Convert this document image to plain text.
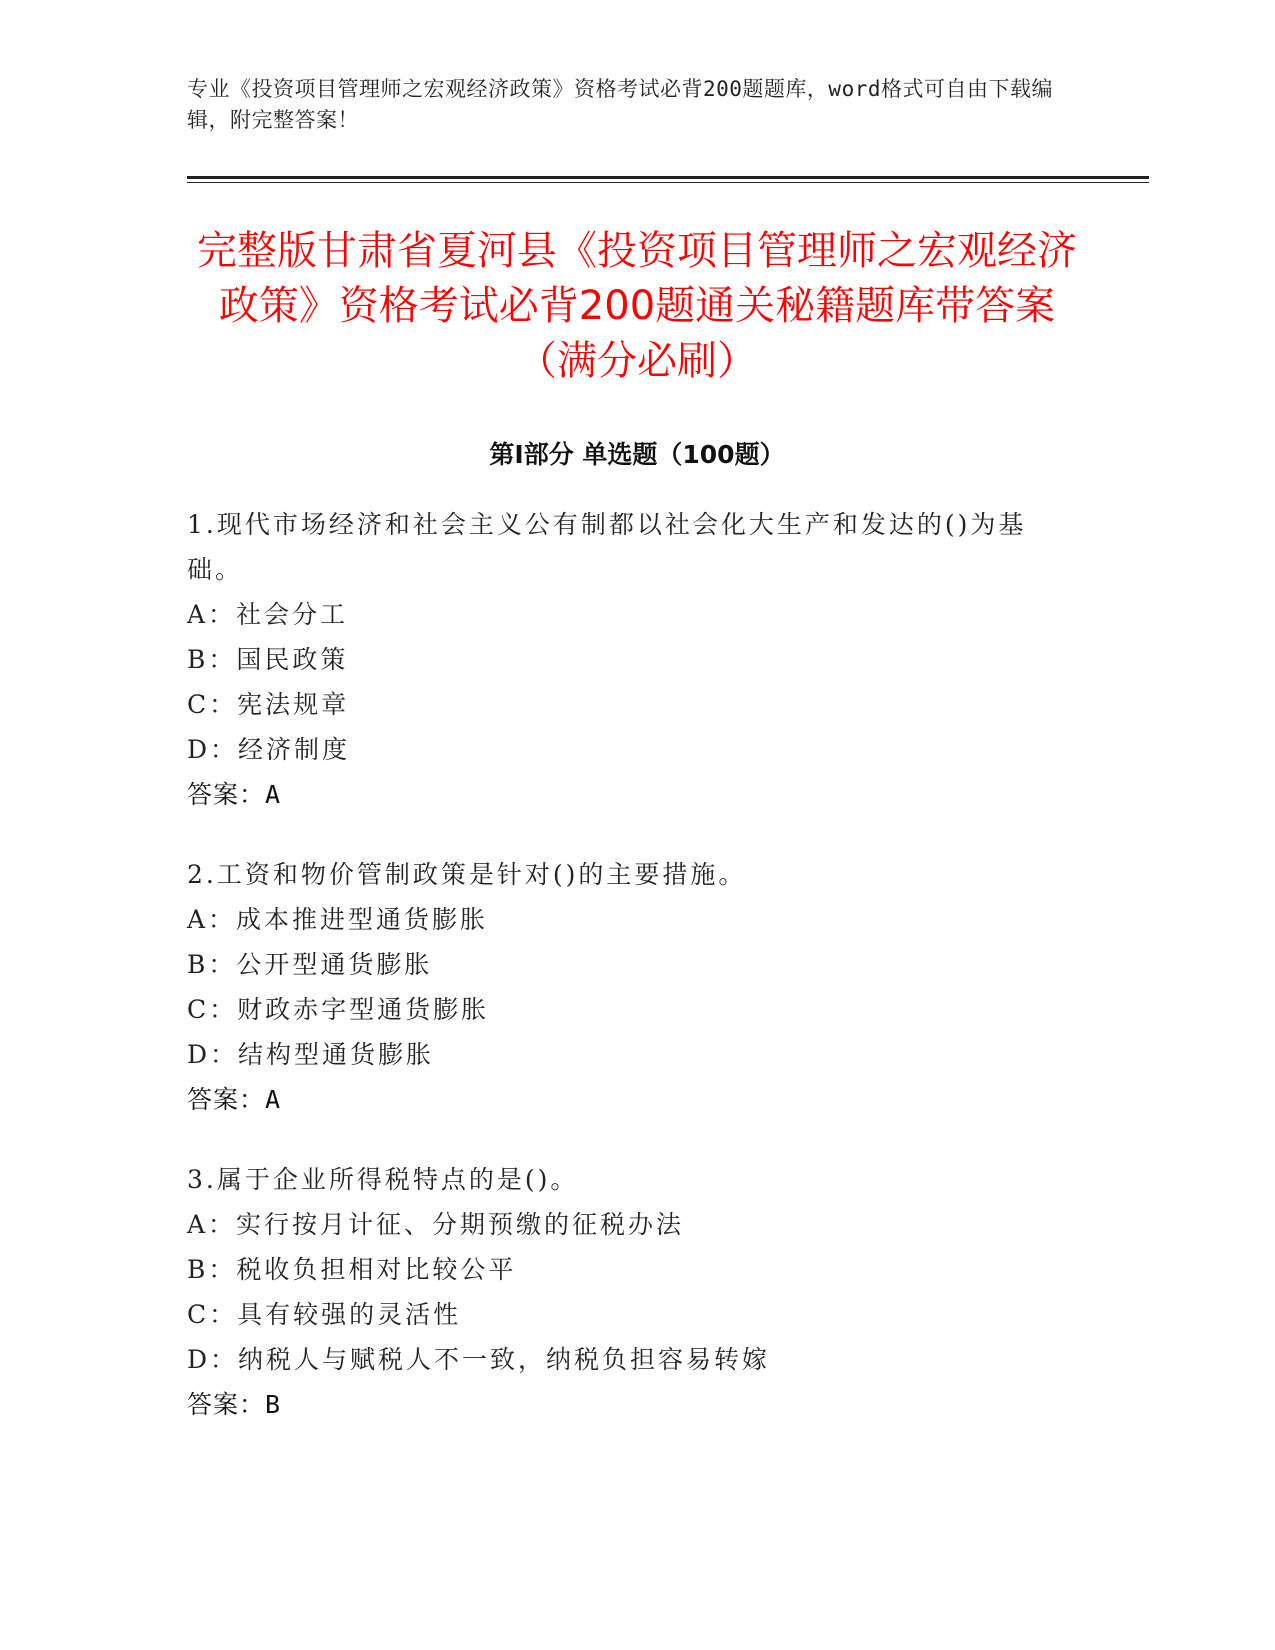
专业《投资项目管理师之宏观经济政策》资格考试必背200题题库，word格式可自由下载编辑，附完整答案！
完整版甘肃省夏河县《投资项目管理师之宏观经济政策》资格考试必背200题通关秘籍题库带答案（满分必刷）
第Ⅰ部分 单选题（100题）
1.现代市场经济和社会主义公有制都以社会化大生产和发达的()为基础。
A：社会分工
B：国民政策
C：宪法规章
D：经济制度
答案：A
2.工资和物价管制政策是针对()的主要措施。
A：成本推进型通货膨胀
B：公开型通货膨胀
C：财政赤字型通货膨胀
D：结构型通货膨胀
答案：A
3.属于企业所得税特点的是()。
A：实行按月计征、分期预缴的征税办法
B：税收负担相对比较公平
C：具有较强的灵活性
D：纳税人与赋税人不一致，纳税负担容易转嫁
答案：B
